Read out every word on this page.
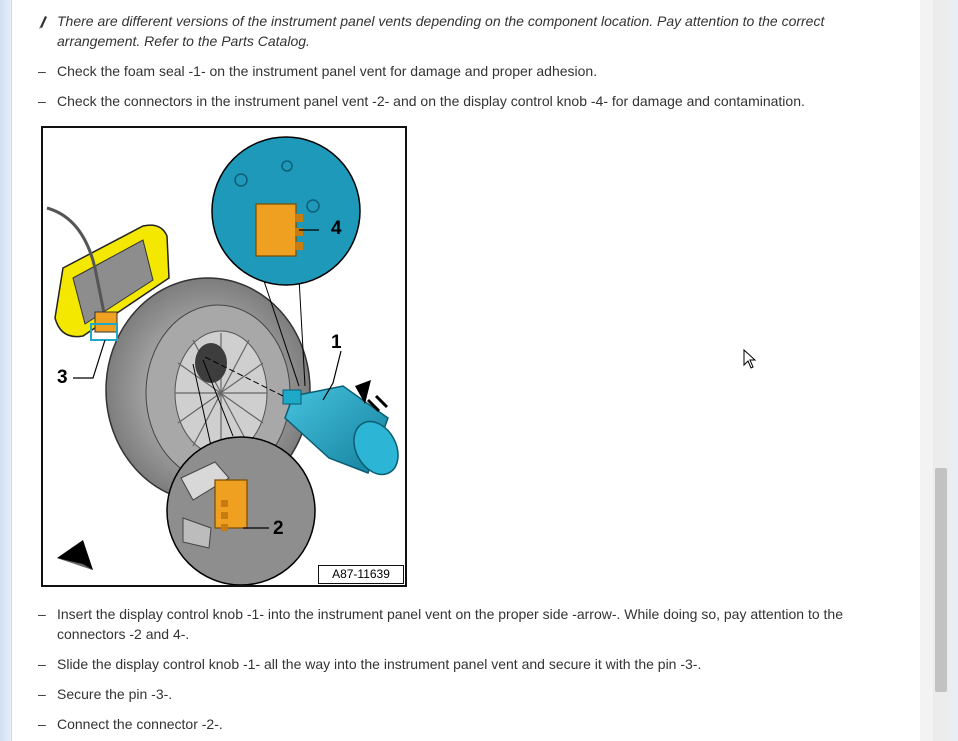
There are different versions of the instrument panel vents depending on the component location. Pay attention to the correct arrangement. Refer to the Parts Catalog.
– Check the foam seal -1- on the instrument panel vent for damage and proper adhesion.
– Check the connectors in the instrument panel vent -2- and on the display control knob -4- for damage and contamination.
1
2
3
4
A87-11639
– Insert the display control knob -1- into the instrument panel vent on the proper side -arrow-. While doing so, pay attention to the connectors -2 and 4-.
– Slide the display control knob -1- all the way into the instrument panel vent and secure it with the pin -3-.
– Secure the pin -3-.
– Connect the connector -2-.
